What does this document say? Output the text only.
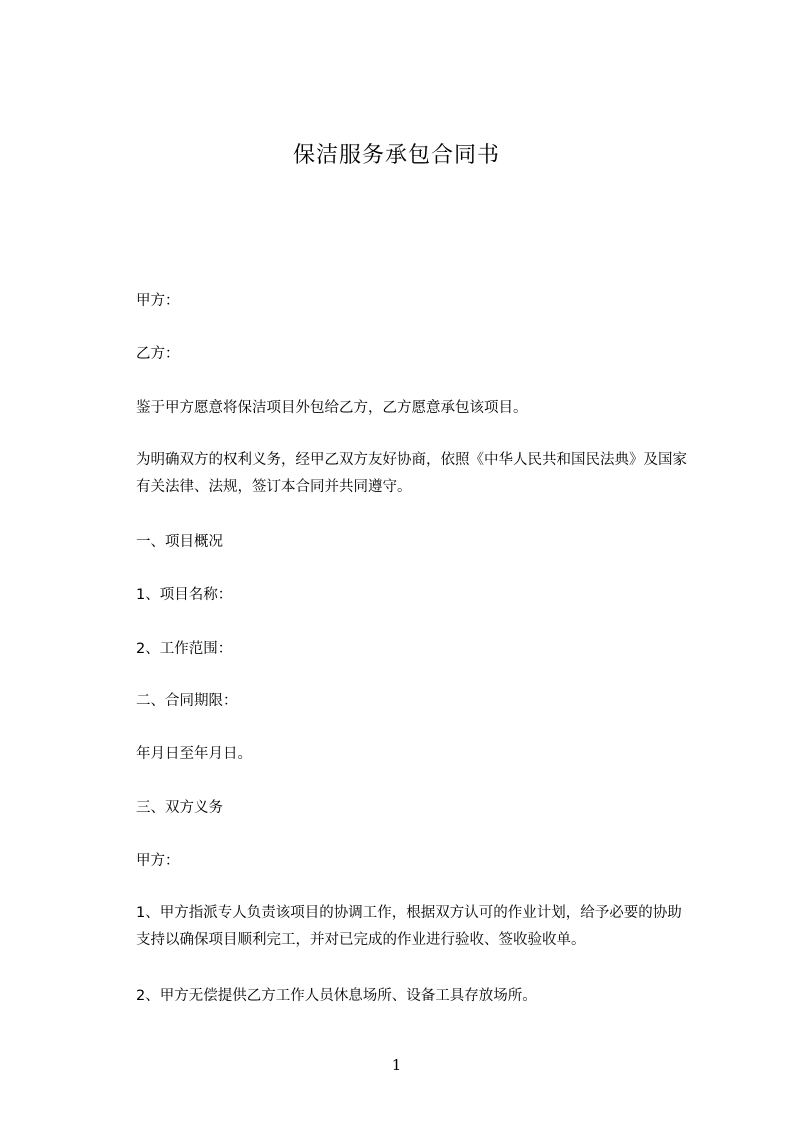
保洁服务承包合同书
甲方：
乙方：
鉴于甲方愿意将保洁项目外包给乙方，乙方愿意承包该项目。
为明确双方的权利义务，经甲乙双方友好协商，依照《中华人民共和国民法典》及国家有关法律、法规，签订本合同并共同遵守。
一、项目概况
1、项目名称：
2、工作范围：
二、合同期限：
年月日至年月日。
三、双方义务
甲方：
1、甲方指派专人负责该项目的协调工作，根据双方认可的作业计划，给予必要的协助支持以确保项目顺利完工，并对已完成的作业进行验收、签收验收单。
2、甲方无偿提供乙方工作人员休息场所、设备工具存放场所。
1
